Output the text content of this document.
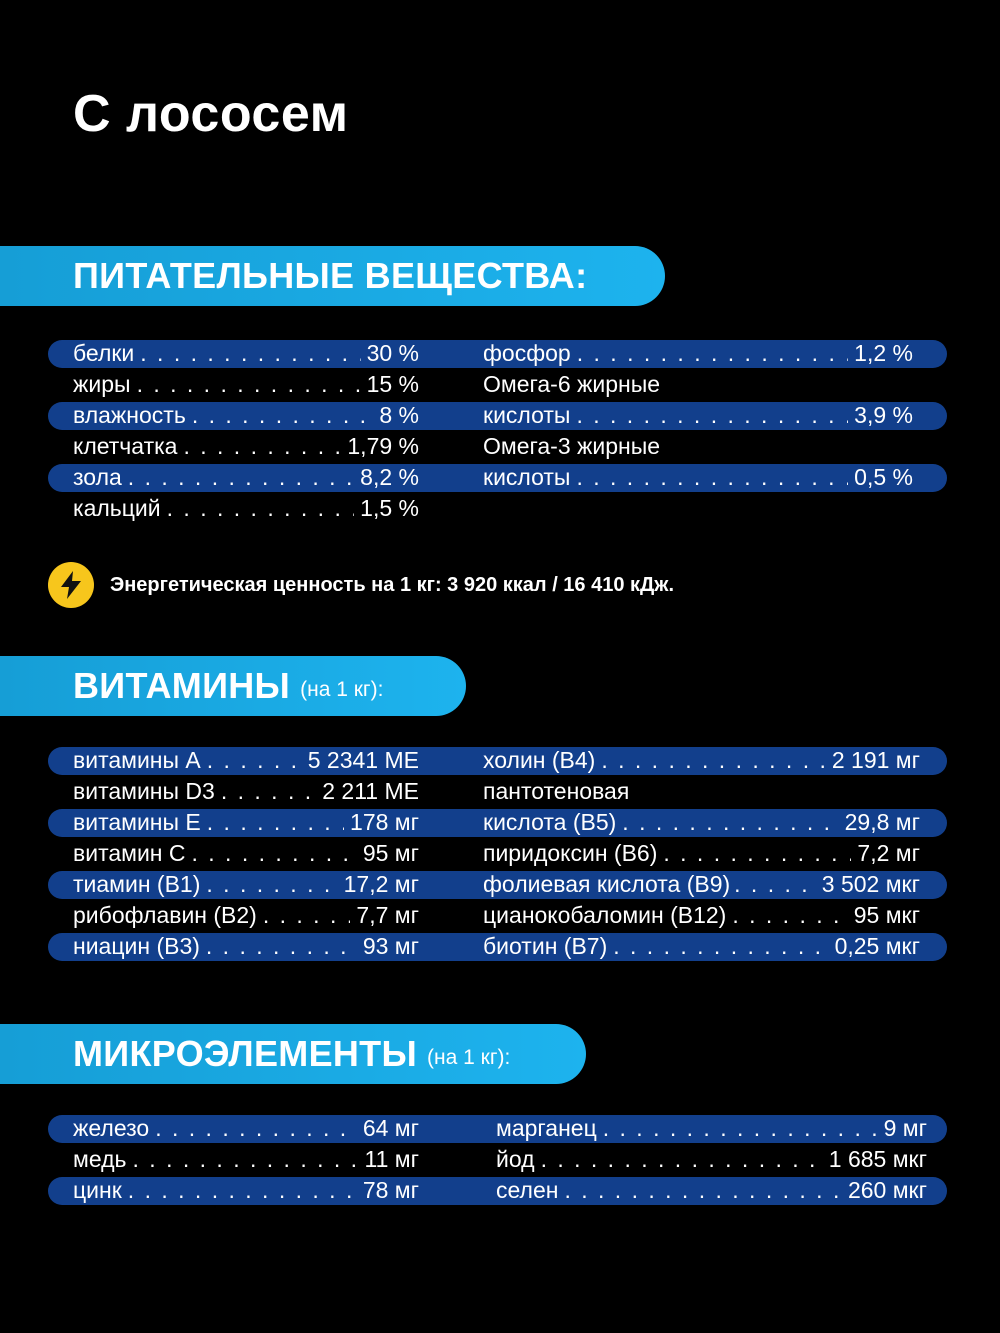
С лососем
ПИТАТЕЛЬНЫЕ ВЕЩЕСТВА:
белки . . .	30 %
жиры . . .	15 %
влажность . . .	8 %
клетчатка . . .	1,79 %
зола . . .	8,2 %
кальций . . .	1,5 %
фосфор . . .	1,2 %
Омега-6 жирные
кислоты . . .	3,9 %
Омега-3 жирные
кислоты . . .	0,5 %
Энергетическая ценность на 1 кг: 3 920 ккал / 16 410 кДж.
ВИТАМИНЫ (на 1 кг):
витамины А . . .	5 2341 МЕ
витамины D3 . . .	2 211 МЕ
витамины Е . . .	178 мг
витамин С . . .	95 мг
тиамин (В1) . . .	17,2 мг
рибофлавин (В2) . . .	7,7 мг
ниацин (В3) . . .	93 мг
холин (В4) . . .	2 191 мг
пантотеновая
кислота (В5) . . .	29,8 мг
пиридоксин (В6) . . .	7,2 мг
фолиевая кислота (В9) . . .	3 502 мкг
цианокобаломин (В12) . . .	95 мкг
биотин (В7) . . .	0,25 мкг
МИКРОЭЛЕМЕНТЫ (на 1 кг):
железо . . .	64 мг
медь . . .	11 мг
цинк . . .	78 мг
марганец . . .	9 мг
йод . . .	1 685 мкг
селен . . .	260 мкг
